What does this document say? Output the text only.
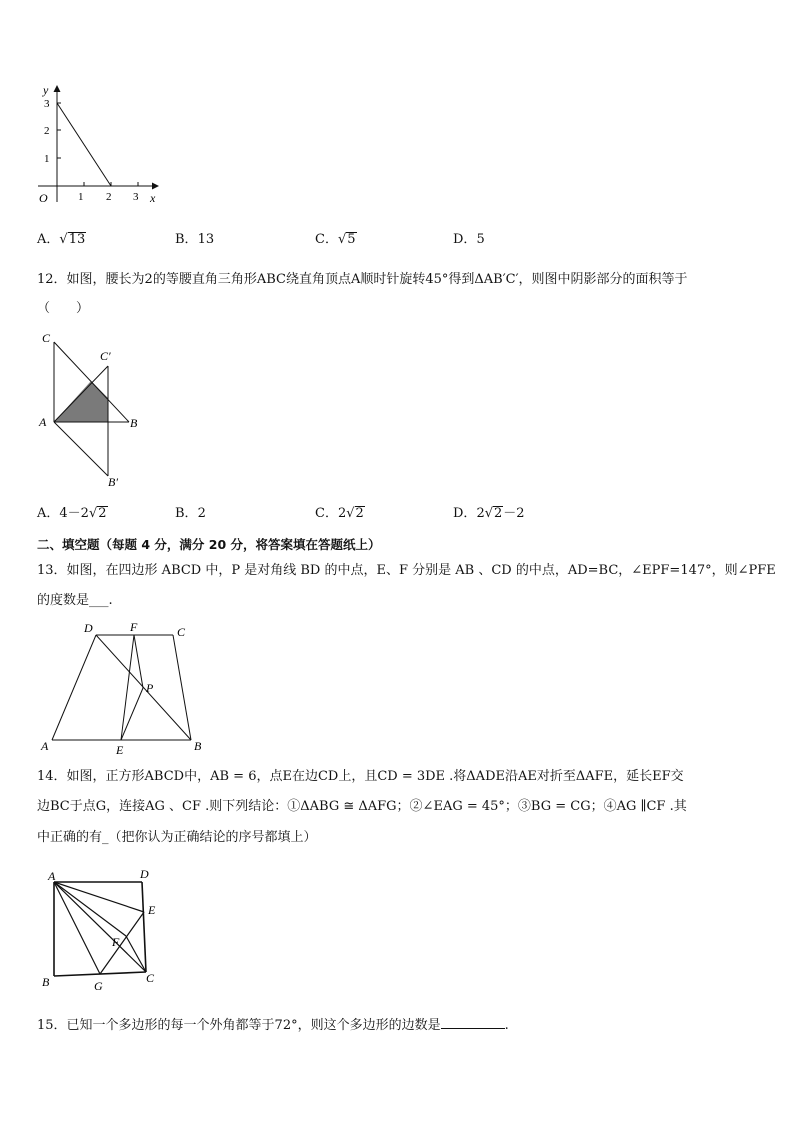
y
x
O
3
2
1
1 2 3
A．√13	B．13	C．√5	D．5
12．如图，腰长为2的等腰直角三角形ABC绕直角顶点A顺时针旋转45°得到ΔAB′C′，则图中阴影部分的面积等于
（　　）
C
C′
A	B
B′
A．4－2√2	B．2	C．2√2	D．2√2－2
二、填空题（每题 4 分，满分 20 分，将答案填在答题纸上）
13．如图，在四边形 ABCD 中，P 是对角线 BD 的中点，E、F 分别是 AB 、CD 的中点，AD=BC，∠EPF=147°，则∠PFE
的度数是___.
D	F	C
P
A	E	B
14．如图，正方形ABCD中，AB = 6，点E在边CD上，且CD = 3DE .将ΔADE沿AE对折至ΔAFE，延长EF交
边BC于点G，连接AG 、CF .则下列结论：①ΔABG ≅ ΔAFG；②∠EAG = 45°；③BG = CG；④AG ∥CF .其
中正确的有_（把你认为正确结论的序号都填上）
A	D
E
F
B	G
C
15．已知一个多边形的每一个外角都等于72°，则这个多边形的边数是	.
